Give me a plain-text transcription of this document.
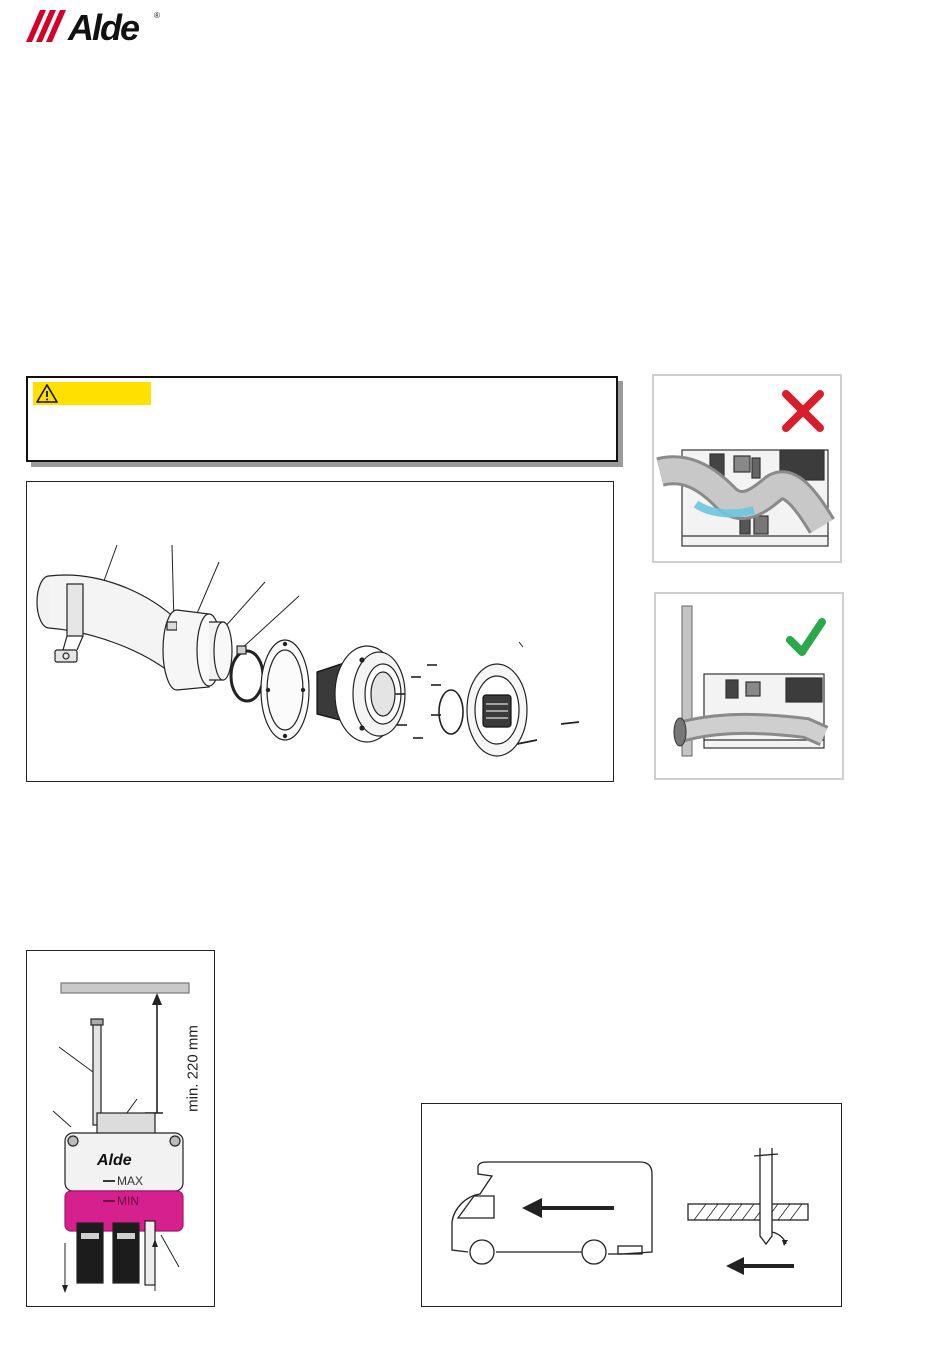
Alde ®
Alde
MAX
MIN
min. 220 mm
